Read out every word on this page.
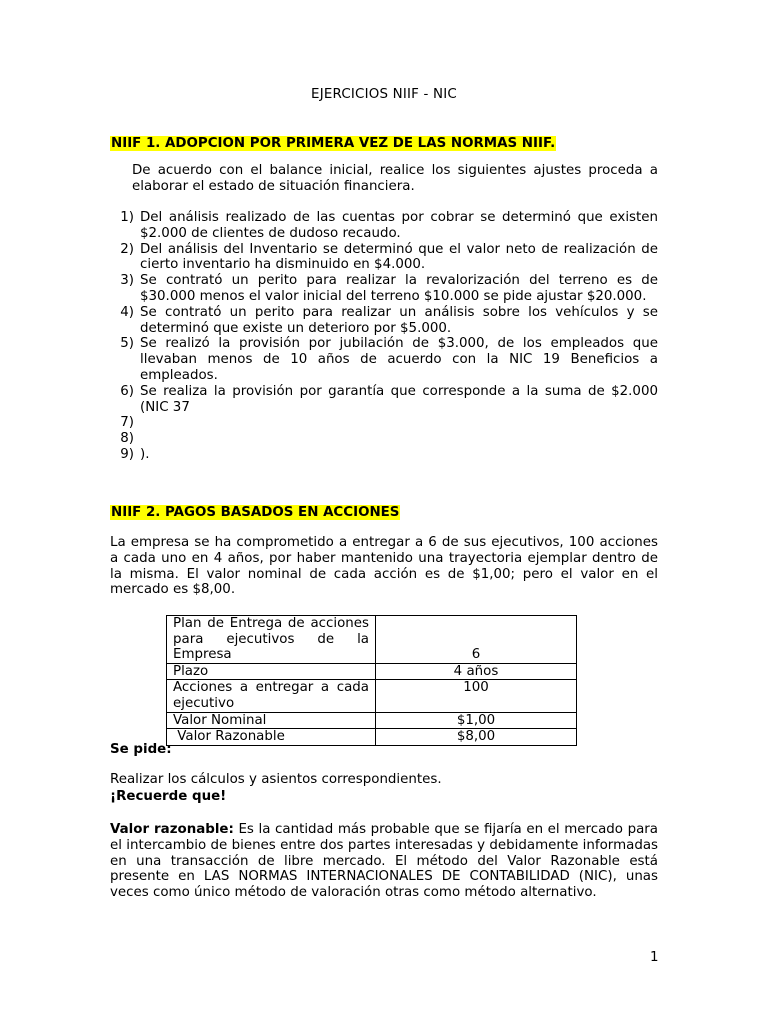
EJERCICIOS NIIF - NIC
NIIF 1. ADOPCION POR PRIMERA VEZ DE LAS NORMAS NIIF.
De acuerdo con el balance inicial, realice los siguientes ajustes proceda a elaborar el estado de situación financiera.
1) Del análisis realizado de las cuentas por cobrar se determinó que existen $2.000 de clientes de dudoso recaudo.
2) Del análisis del Inventario se determinó que el valor neto de realización de cierto inventario ha disminuido en $4.000.
3) Se contrató un perito para realizar la revalorización del terreno es de $30.000 menos el valor inicial del terreno $10.000 se pide ajustar $20.000.
4) Se contrató un perito para realizar un análisis sobre los vehículos y se determinó que existe un deterioro por $5.000.
5) Se realizó la provisión por jubilación de $3.000, de los empleados que llevaban menos de 10 años de acuerdo con la NIC 19 Beneficios a empleados.
6) Se realiza la provisión por garantía que corresponde a la suma de $2.000 (NIC 37
7)
8)
9) ).
NIIF 2. PAGOS BASADOS EN ACCIONES
La empresa se ha comprometido a entregar a 6 de sus ejecutivos, 100 acciones a cada uno en 4 años, por haber mantenido una trayectoria ejemplar dentro de la misma. El valor nominal de cada acción es de $1,00; pero el valor en el mercado es $8,00.
Plan de Entrega de acciones para ejecutivos de la Empresa	6
Plazo	4 años
Acciones a entregar a cada ejecutivo	100
Valor Nominal	$1,00
Valor Razonable	$8,00
Se pide:
Realizar los cálculos y asientos correspondientes.
¡Recuerde que!
Valor razonable: Es la cantidad más probable que se fijaría en el mercado para el intercambio de bienes entre dos partes interesadas y debidamente informadas en una transacción de libre mercado. El método del Valor Razonable está presente en LAS NORMAS INTERNACIONALES DE CONTABILIDAD (NIC), unas veces como único método de valoración otras como método alternativo.
1
